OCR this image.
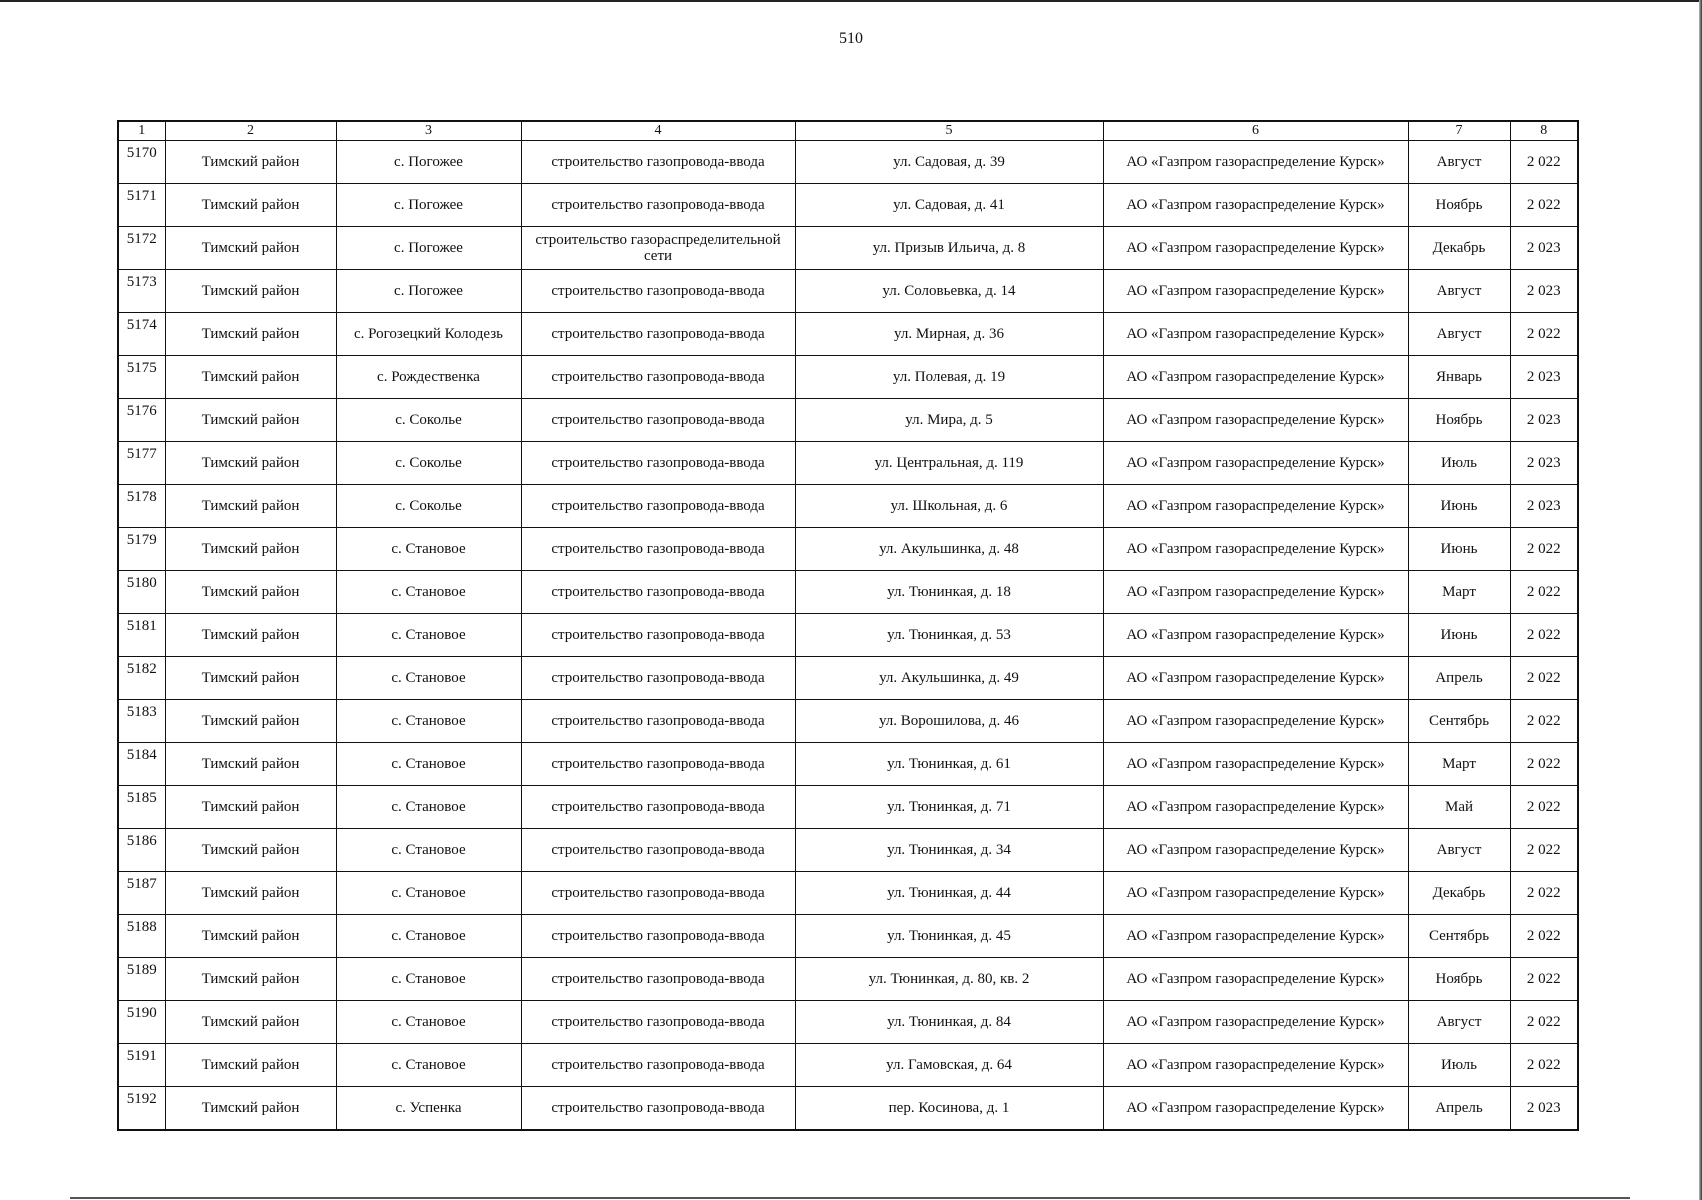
510
1	2	3	4	5	6	7	8
5170	Тимский район	с. Погожее	строительство газопровода-ввода	ул. Садовая, д. 39	АО «Газпром газораспределение Курск»	Август	2 022
5171	Тимский район	с. Погожее	строительство газопровода-ввода	ул. Садовая, д. 41	АО «Газпром газораспределение Курск»	Ноябрь	2 022
5172	Тимский район	с. Погожее	строительство газораспределительной сети	ул. Призыв Ильича, д. 8	АО «Газпром газораспределение Курск»	Декабрь	2 023
5173	Тимский район	с. Погожее	строительство газопровода-ввода	ул. Соловьевка, д. 14	АО «Газпром газораспределение Курск»	Август	2 023
5174	Тимский район	с. Рогозецкий Колодезь	строительство газопровода-ввода	ул. Мирная, д. 36	АО «Газпром газораспределение Курск»	Август	2 022
5175	Тимский район	с. Рождественка	строительство газопровода-ввода	ул. Полевая, д. 19	АО «Газпром газораспределение Курск»	Январь	2 023
5176	Тимский район	с. Соколье	строительство газопровода-ввода	ул. Мира, д. 5	АО «Газпром газораспределение Курск»	Ноябрь	2 023
5177	Тимский район	с. Соколье	строительство газопровода-ввода	ул. Центральная, д. 119	АО «Газпром газораспределение Курск»	Июль	2 023
5178	Тимский район	с. Соколье	строительство газопровода-ввода	ул. Школьная, д. 6	АО «Газпром газораспределение Курск»	Июнь	2 023
5179	Тимский район	с. Становое	строительство газопровода-ввода	ул. Акульшинка, д. 48	АО «Газпром газораспределение Курск»	Июнь	2 022
5180	Тимский район	с. Становое	строительство газопровода-ввода	ул. Тюнинкая, д. 18	АО «Газпром газораспределение Курск»	Март	2 022
5181	Тимский район	с. Становое	строительство газопровода-ввода	ул. Тюнинкая, д. 53	АО «Газпром газораспределение Курск»	Июнь	2 022
5182	Тимский район	с. Становое	строительство газопровода-ввода	ул. Акульшинка, д. 49	АО «Газпром газораспределение Курск»	Апрель	2 022
5183	Тимский район	с. Становое	строительство газопровода-ввода	ул. Ворошилова, д. 46	АО «Газпром газораспределение Курск»	Сентябрь	2 022
5184	Тимский район	с. Становое	строительство газопровода-ввода	ул. Тюнинкая, д. 61	АО «Газпром газораспределение Курск»	Март	2 022
5185	Тимский район	с. Становое	строительство газопровода-ввода	ул. Тюнинкая, д. 71	АО «Газпром газораспределение Курск»	Май	2 022
5186	Тимский район	с. Становое	строительство газопровода-ввода	ул. Тюнинкая, д. 34	АО «Газпром газораспределение Курск»	Август	2 022
5187	Тимский район	с. Становое	строительство газопровода-ввода	ул. Тюнинкая, д. 44	АО «Газпром газораспределение Курск»	Декабрь	2 022
5188	Тимский район	с. Становое	строительство газопровода-ввода	ул. Тюнинкая, д. 45	АО «Газпром газораспределение Курск»	Сентябрь	2 022
5189	Тимский район	с. Становое	строительство газопровода-ввода	ул. Тюнинкая, д. 80, кв. 2	АО «Газпром газораспределение Курск»	Ноябрь	2 022
5190	Тимский район	с. Становое	строительство газопровода-ввода	ул. Тюнинкая, д. 84	АО «Газпром газораспределение Курск»	Август	2 022
5191	Тимский район	с. Становое	строительство газопровода-ввода	ул. Гамовская, д. 64	АО «Газпром газораспределение Курск»	Июль	2 022
5192	Тимский район	с. Успенка	строительство газопровода-ввода	пер. Косинова, д. 1	АО «Газпром газораспределение Курск»	Апрель	2 023
